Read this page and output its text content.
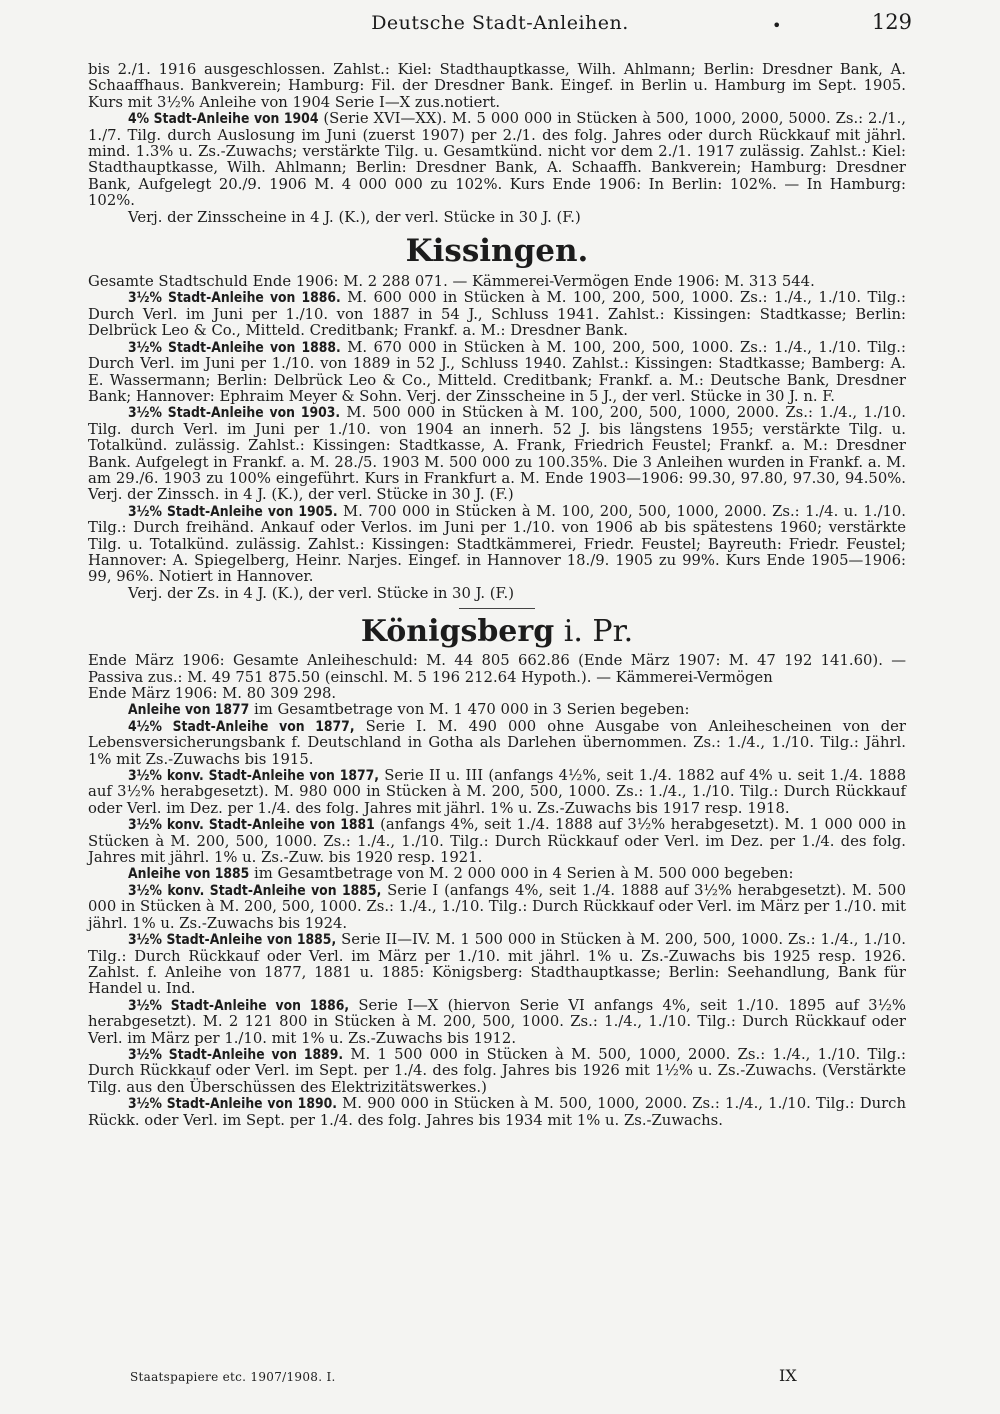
Deutsche Stadt-Anleihen.	•	129

bis 2./1. 1916 ausgeschlossen. Zahlst.: Kiel: Stadthauptkasse, Wilh. Ahlmann; Berlin: Dresdner Bank, A. Schaaffhaus. Bankverein; Hamburg: Fil. der Dresdner Bank. Eingef. in Berlin u. Hamburg im Sept. 1905. Kurs mit 3½% Anleihe von 1904 Serie I—X zus.notiert.

4% Stadt-Anleihe von 1904 (Serie XVI—XX). M. 5 000 000 in Stücken à 500, 1000, 2000, 5000. Zs.: 2./1., 1./7. Tilg. durch Auslosung im Juni (zuerst 1907) per 2./1. des folg. Jahres oder durch Rückkauf mit jährl. mind. 1.3% u. Zs.-Zuwachs; verstärkte Tilg. u. Gesamtkünd. nicht vor dem 2./1. 1917 zulässig. Zahlst.: Kiel: Stadthauptkasse, Wilh. Ahlmann; Berlin: Dresdner Bank, A. Schaaffh. Bankverein; Hamburg: Dresdner Bank, Aufgelegt 20./9. 1906 M. 4 000 000 zu 102%. Kurs Ende 1906: In Berlin: 102%. — In Hamburg: 102%.

Verj. der Zinsscheine in 4 J. (K.), der verl. Stücke in 30 J. (F.)

Kissingen.

Gesamte Stadtschuld Ende 1906: M. 2 288 071. — Kämmerei-Vermögen Ende 1906: M. 313 544.

3½% Stadt-Anleihe von 1886. M. 600 000 in Stücken à M. 100, 200, 500, 1000. Zs.: 1./4., 1./10. Tilg.: Durch Verl. im Juni per 1./10. von 1887 in 54 J., Schluss 1941. Zahlst.: Kissingen: Stadtkasse; Berlin: Delbrück Leo & Co., Mitteld. Creditbank; Frankf. a. M.: Dresdner Bank.

3½% Stadt-Anleihe von 1888. M. 670 000 in Stücken à M. 100, 200, 500, 1000. Zs.: 1./4., 1./10. Tilg.: Durch Verl. im Juni per 1./10. von 1889 in 52 J., Schluss 1940. Zahlst.: Kissingen: Stadtkasse; Bamberg: A. E. Wassermann; Berlin: Delbrück Leo & Co., Mitteld. Creditbank; Frankf. a. M.: Deutsche Bank, Dresdner Bank; Hannover: Ephraim Meyer & Sohn. Verj. der Zinsscheine in 5 J., der verl. Stücke in 30 J. n. F.

3½% Stadt-Anleihe von 1903. M. 500 000 in Stücken à M. 100, 200, 500, 1000, 2000. Zs.: 1./4., 1./10. Tilg. durch Verl. im Juni per 1./10. von 1904 an innerh. 52 J. bis längstens 1955; verstärkte Tilg. u. Totalkünd. zulässig. Zahlst.: Kissingen: Stadtkasse, A. Frank, Friedrich Feustel; Frankf. a. M.: Dresdner Bank. Aufgelegt in Frankf. a. M. 28./5. 1903 M. 500 000 zu 100.35%. Die 3 Anleihen wurden in Frankf. a. M. am 29./6. 1903 zu 100% eingeführt. Kurs in Frankfurt a. M. Ende 1903—1906: 99.30, 97.80, 97.30, 94.50%. Verj. der Zinssch. in 4 J. (K.), der verl. Stücke in 30 J. (F.)

3½% Stadt-Anleihe von 1905. M. 700 000 in Stücken à M. 100, 200, 500, 1000, 2000. Zs.: 1./4. u. 1./10. Tilg.: Durch freihänd. Ankauf oder Verlos. im Juni per 1./10. von 1906 ab bis spätestens 1960; verstärkte Tilg. u. Totalkünd. zulässig. Zahlst.: Kissingen: Stadtkämmerei, Friedr. Feustel; Bayreuth: Friedr. Feustel; Hannover: A. Spiegelberg, Heinr. Narjes. Eingef. in Hannover 18./9. 1905 zu 99%. Kurs Ende 1905—1906: 99, 96%. Notiert in Hannover.

Verj. der Zs. in 4 J. (K.), der verl. Stücke in 30 J. (F.)

Königsberg i. Pr.

Ende März 1906: Gesamte Anleiheschuld: M. 44 805 662.86 (Ende März 1907: M. 47 192 141.60). — Passiva zus.: M. 49 751 875.50 (einschl. M. 5 196 212.64 Hypoth.). — Kämmerei-Vermögen

Ende März 1906: M. 80 309 298.

Anleihe von 1877 im Gesamtbetrage von M. 1 470 000 in 3 Serien begeben:

4½% Stadt-Anleihe von 1877, Serie I. M. 490 000 ohne Ausgabe von Anleihescheinen von der Lebensversicherungsbank f. Deutschland in Gotha als Darlehen übernommen. Zs.: 1./4., 1./10. Tilg.: Jährl. 1% mit Zs.-Zuwachs bis 1915.

3½% konv. Stadt-Anleihe von 1877, Serie II u. III (anfangs 4½%, seit 1./4. 1882 auf 4% u. seit 1./4. 1888 auf 3½% herabgesetzt). M. 980 000 in Stücken à M. 200, 500, 1000. Zs.: 1./4., 1./10. Tilg.: Durch Rückkauf oder Verl. im Dez. per 1./4. des folg. Jahres mit jährl. 1% u. Zs.-Zuwachs bis 1917 resp. 1918.

3½% konv. Stadt-Anleihe von 1881 (anfangs 4%, seit 1./4. 1888 auf 3½% herabgesetzt). M. 1 000 000 in Stücken à M. 200, 500, 1000. Zs.: 1./4., 1./10. Tilg.: Durch Rückkauf oder Verl. im Dez. per 1./4. des folg. Jahres mit jährl. 1% u. Zs.-Zuw. bis 1920 resp. 1921.

Anleihe von 1885 im Gesamtbetrage von M. 2 000 000 in 4 Serien à M. 500 000 begeben:

3½% konv. Stadt-Anleihe von 1885, Serie I (anfangs 4%, seit 1./4. 1888 auf 3½% herabgesetzt). M. 500 000 in Stücken à M. 200, 500, 1000. Zs.: 1./4., 1./10. Tilg.: Durch Rückkauf oder Verl. im März per 1./10. mit jährl. 1% u. Zs.-Zuwachs bis 1924.

3½% Stadt-Anleihe von 1885, Serie II—IV. M. 1 500 000 in Stücken à M. 200, 500, 1000. Zs.: 1./4., 1./10. Tilg.: Durch Rückkauf oder Verl. im März per 1./10. mit jährl. 1% u. Zs.-Zuwachs bis 1925 resp. 1926. Zahlst. f. Anleihe von 1877, 1881 u. 1885: Königsberg: Stadthauptkasse; Berlin: Seehandlung, Bank für Handel u. Ind.

3½% Stadt-Anleihe von 1886, Serie I—X (hiervon Serie VI anfangs 4%, seit 1./10. 1895 auf 3½% herabgesetzt). M. 2 121 800 in Stücken à M. 200, 500, 1000. Zs.: 1./4., 1./10. Tilg.: Durch Rückkauf oder Verl. im März per 1./10. mit 1% u. Zs.-Zuwachs bis 1912.

3½% Stadt-Anleihe von 1889. M. 1 500 000 in Stücken à M. 500, 1000, 2000. Zs.: 1./4., 1./10. Tilg.: Durch Rückkauf oder Verl. im Sept. per 1./4. des folg. Jahres bis 1926 mit 1½% u. Zs.-Zuwachs. (Verstärkte Tilg. aus den Überschüssen des Elektrizitätswerkes.)

3½% Stadt-Anleihe von 1890. M. 900 000 in Stücken à M. 500, 1000, 2000. Zs.: 1./4., 1./10. Tilg.: Durch Rückk. oder Verl. im Sept. per 1./4. des folg. Jahres bis 1934 mit 1% u. Zs.-Zuwachs.

Staatspapiere etc. 1907/1908. I.	IX
